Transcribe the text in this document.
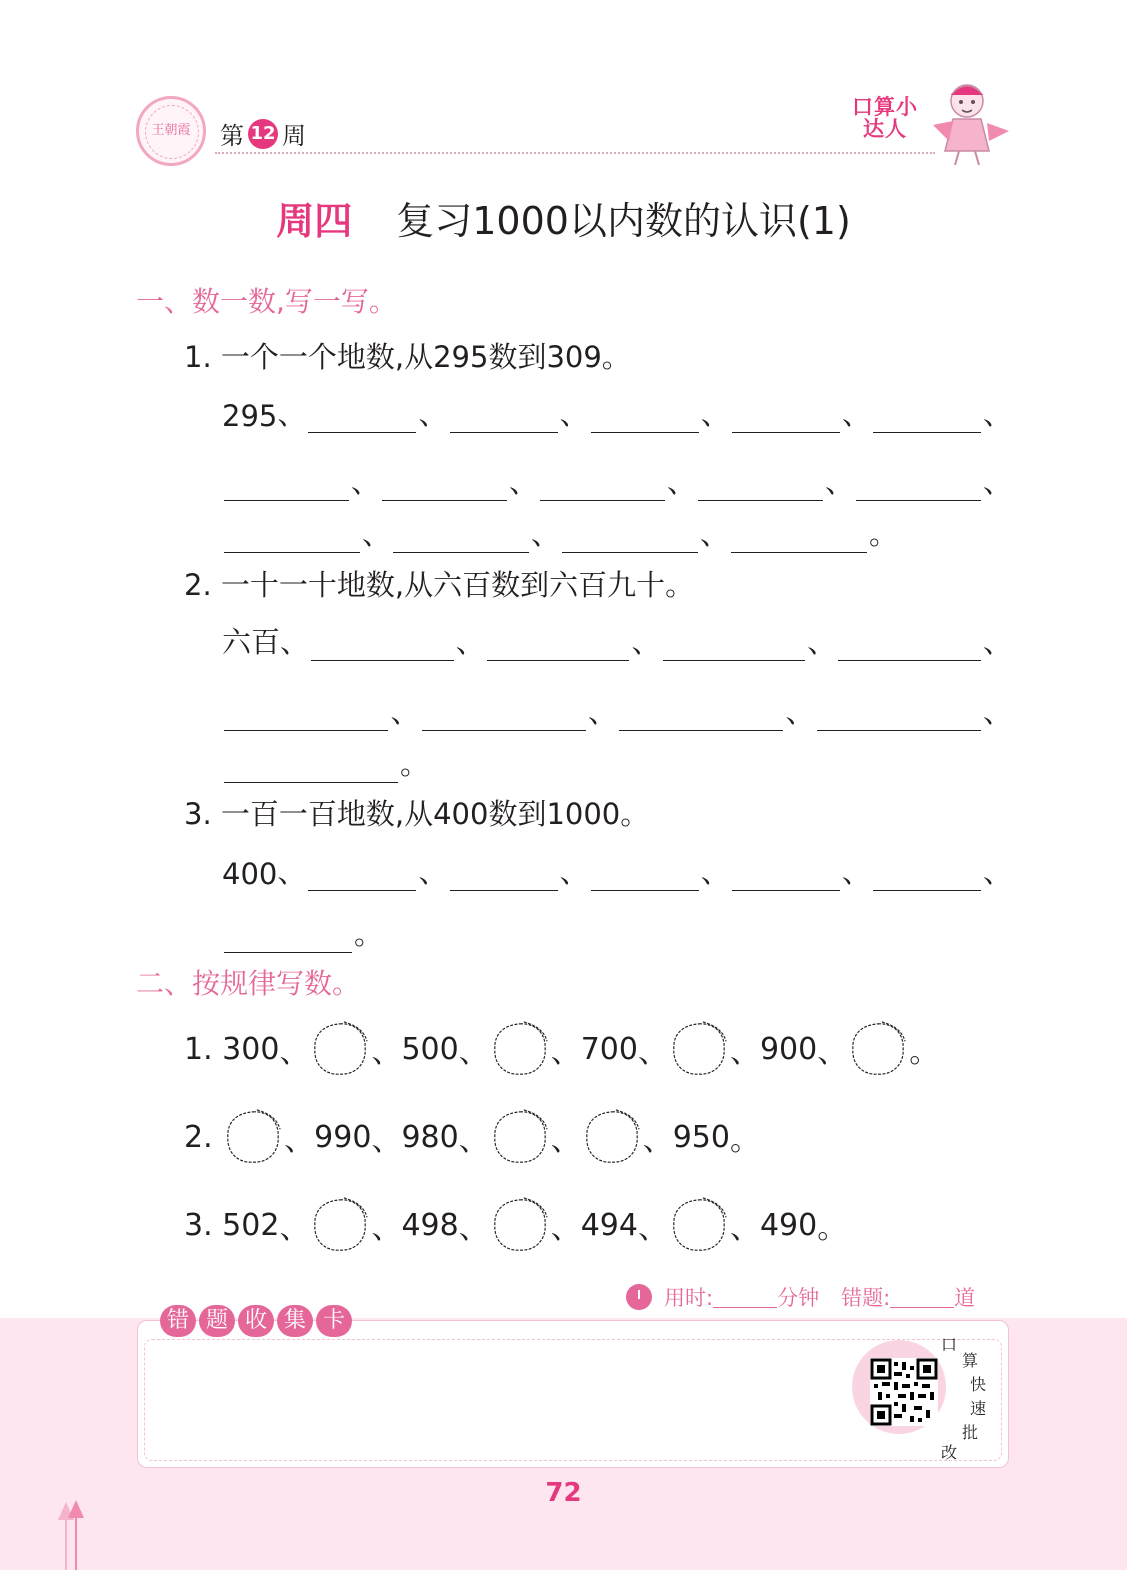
王朝霞	第 12 周
口算小达人
周四 复习1000以内数的认识(1)
一、数一数,写一写。
1. 一个一个地数,从295数到309。
295 、	、	、	、	、	、
、	、	、	、	、
、	、	、	。
2. 一十一十地数,从六百数到六百九十。
六百 、	、	、	、	、
、	、	、	、
。
3. 一百一百地数,从400数到1000。
400 、	、	、	、	、	、
。
二、按规律写数。
1.
300 、 、 500 、 、 700 、 、 900 、 。
2.
、 990 、 980 、 、 、 950 。
3.
502 、 、 498 、 、 494 、 、 490 。
用时:	分钟 错题:	道
错 题 收 集 卡
口
算
快
速
批
改
72
